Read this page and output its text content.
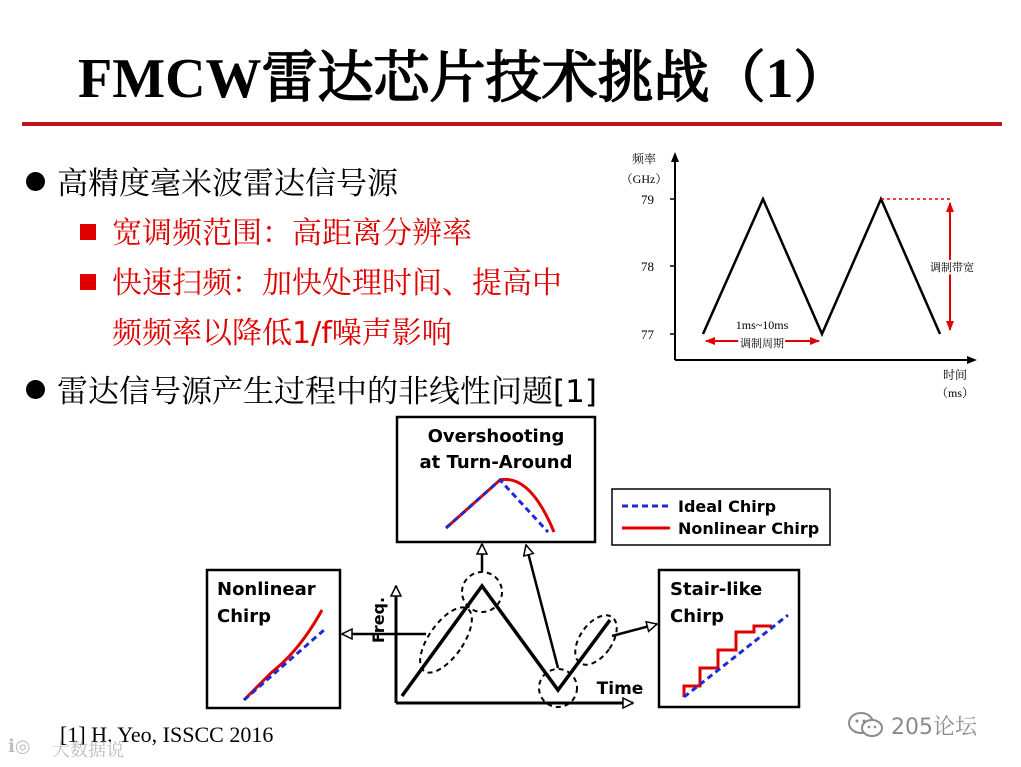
FMCW雷达芯片技术挑战（1）
高精度毫米波雷达信号源
宽调频范围：高距离分辨率
快速扫频：加快处理时间、提高中
频频率以降低1/f噪声影响
雷达信号源产生过程中的非线性问题[1]
79
78
77
频率
（GHz）
时间
（ms）
调制带宽
1ms~10ms
调制周期
Overshooting
at Turn-Around
Ideal Chirp
Nonlinear Chirp
Nonlinear
Chirp
Stair-like
Chirp
Freq.
Time
[1] H. Yeo, ISSCC 2016	205论坛
ℹ◎ 大数据说
